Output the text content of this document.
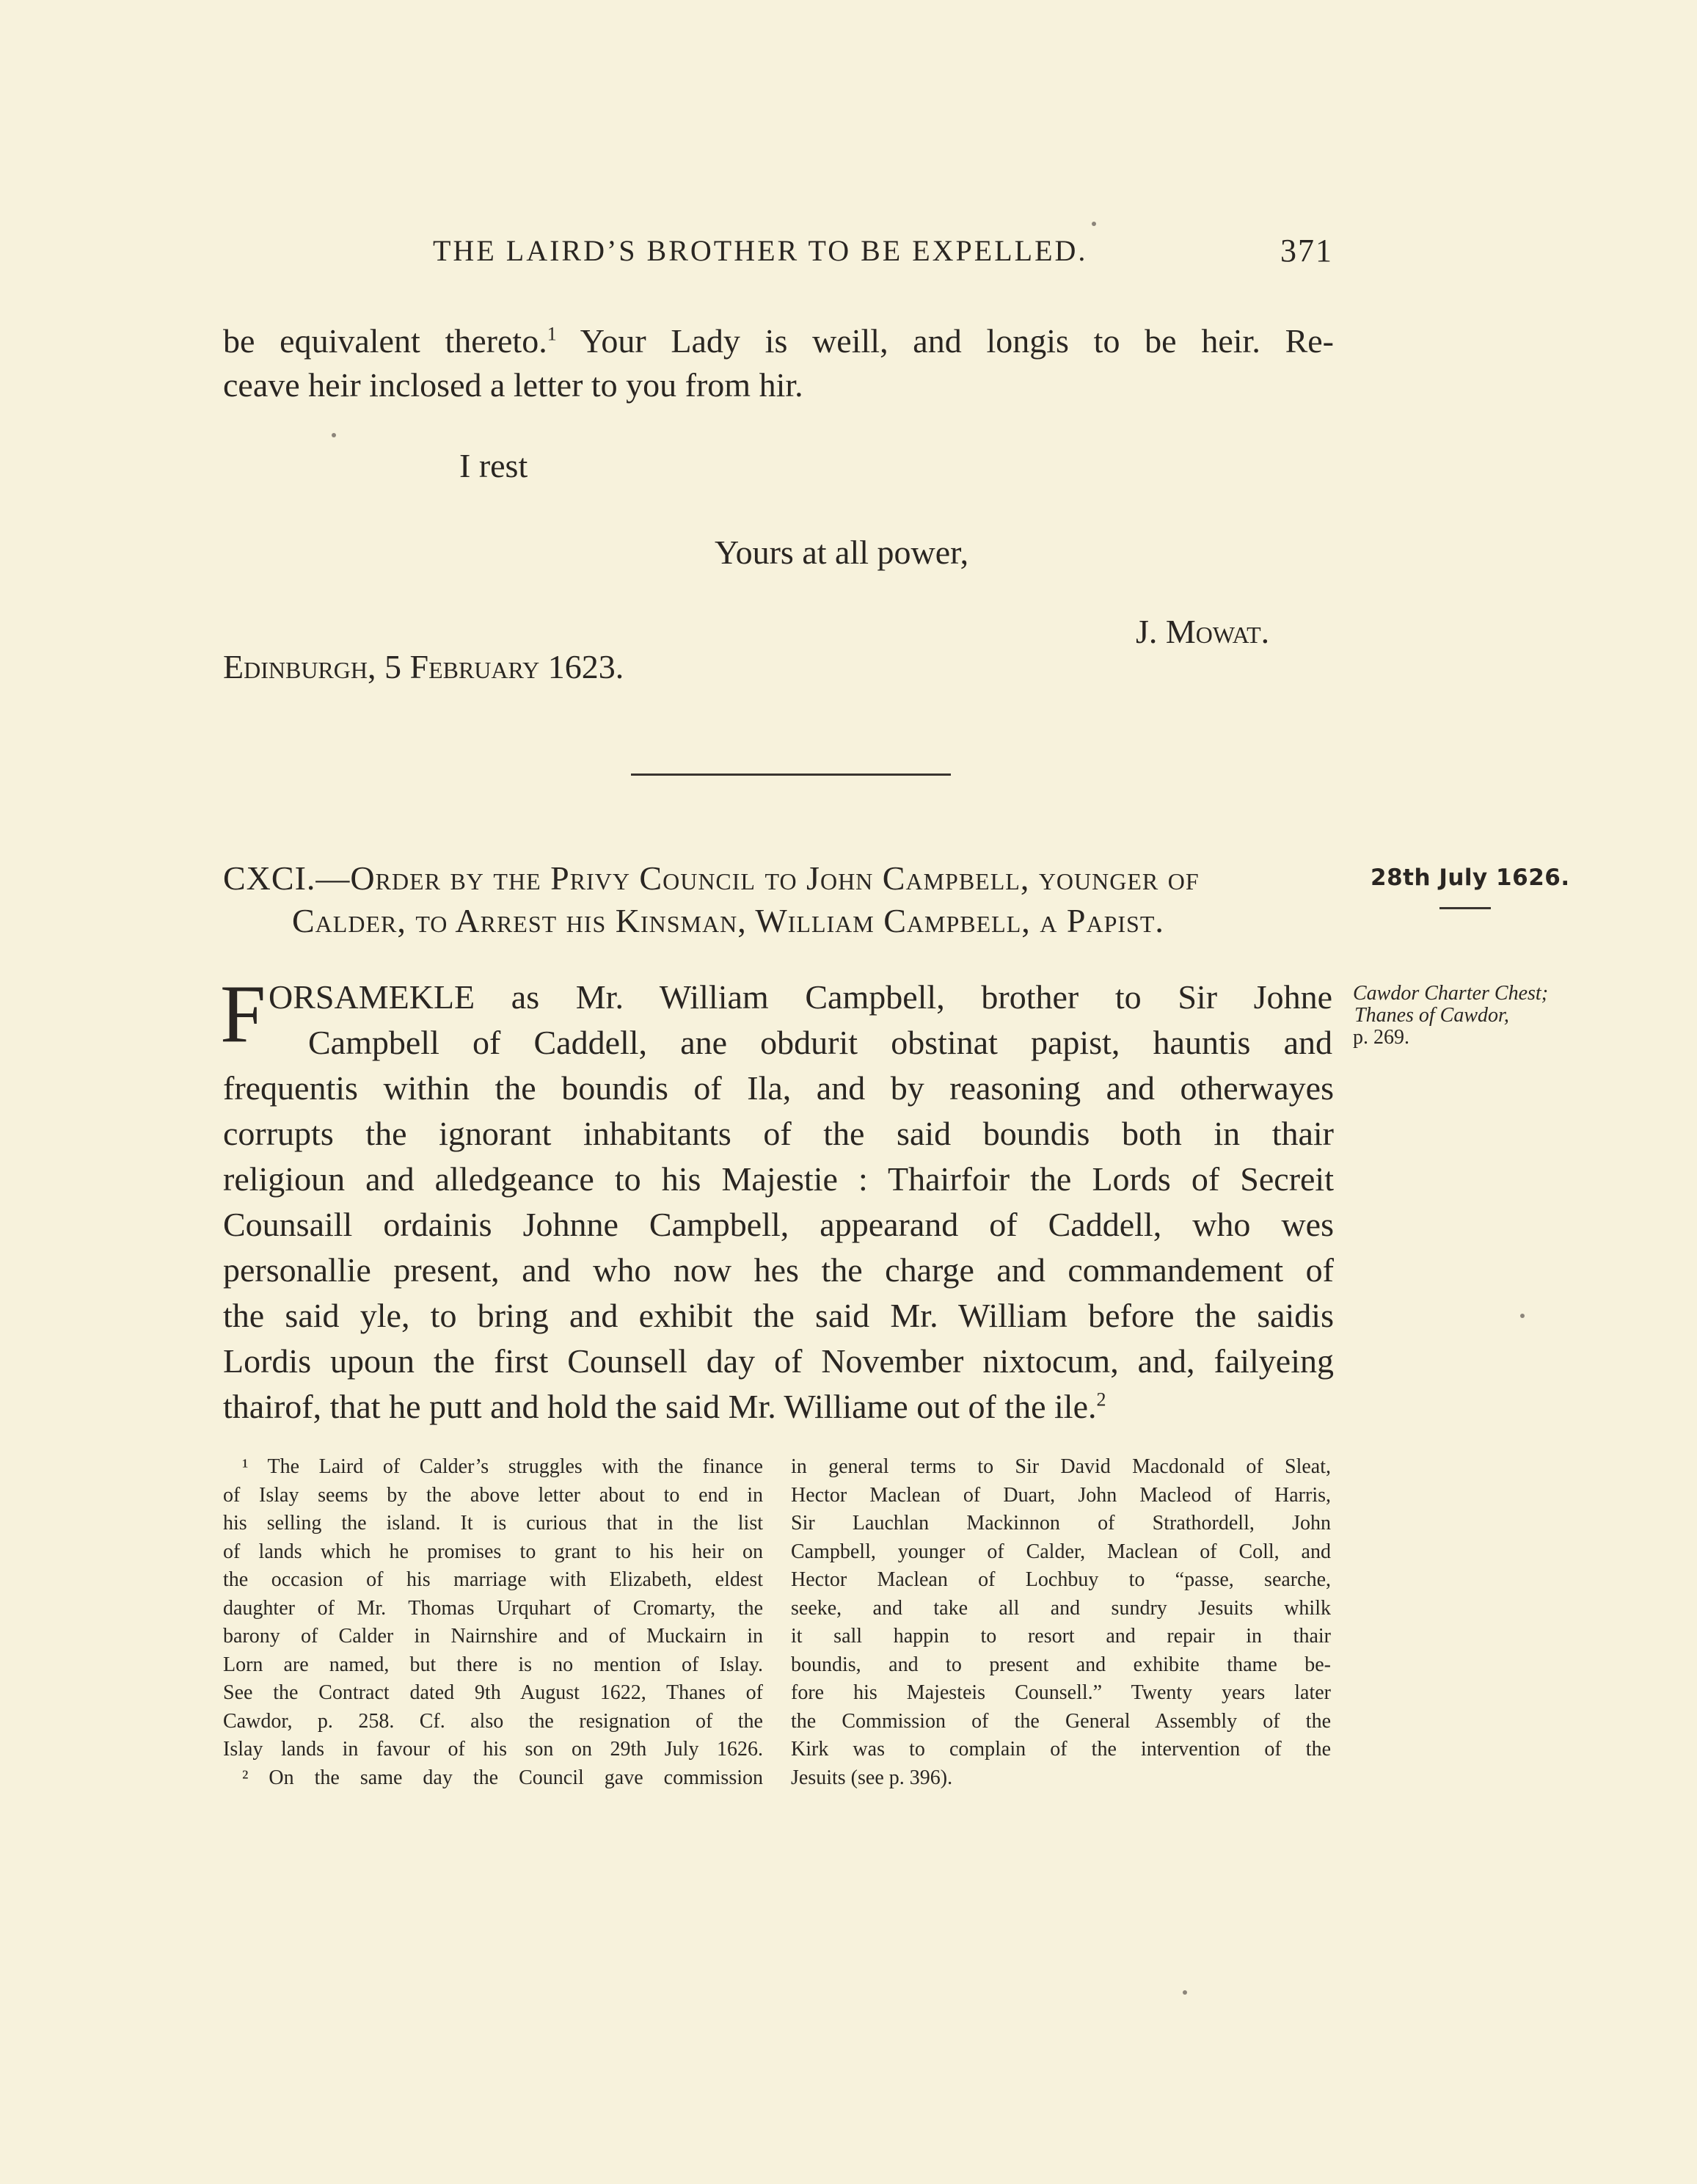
THE LAIRD’S BROTHER TO BE EXPELLED.	371
be equivalent thereto.$^1$ Your Lady is weill, and longis to be heir. Re-
ceave heir inclosed a letter to you from hir.
I rest
Yours at all power,
J. Mowat.
Edinburgh, 5 February 1623.
CXCI.—Order by the Privy Council to John Campbell, younger of
Calder, to Arrest his Kinsman, William Campbell, a Papist.
28th July 1626.
Cawdor Charter Chest;
Thanes of Cawdor,
p. 269.
F ORSAMEKLE as Mr. William Campbell, brother to Sir Johne
Campbell of Caddell, ane obdurit obstinat papist, hauntis and
frequentis within the boundis of Ila, and by reasoning and otherwayes
corrupts the ignorant inhabitants of the said boundis both in thair
religioun and alledgeance to his Majestie : Thairfoir the Lords of Secreit
Counsaill ordainis Johnne Campbell, appearand of Caddell, who wes
personallie present, and who now hes the charge and commandement of
the said yle, to bring and exhibit the said Mr. William before the saidis
Lordis upoun the first Counsell day of November nixtocum, and, failyeing
thairof, that he putt and hold the said Mr. Williame out of the ile.$^2$
¹ The Laird of Calder’s struggles with the finance
of Islay seems by the above letter about to end in
his selling the island. It is curious that in the list
of lands which he promises to grant to his heir on
the occasion of his marriage with Elizabeth, eldest
daughter of Mr. Thomas Urquhart of Cromarty, the
barony of Calder in Nairnshire and of Muckairn in
Lorn are named, but there is no mention of Islay.
See the Contract dated 9th August 1622, Thanes of
Cawdor, p. 258. Cf. also the resignation of the
Islay lands in favour of his son on 29th July 1626.
² On the same day the Council gave commission
in general terms to Sir David Macdonald of Sleat,
Hector Maclean of Duart, John Macleod of Harris,
Sir Lauchlan Mackinnon of Strathordell, John
Campbell, younger of Calder, Maclean of Coll, and
Hector Maclean of Lochbuy to “passe, searche,
seeke, and take all and sundry Jesuits whilk
it sall happin to resort and repair in thair
boundis, and to present and exhibite thame be-
fore his Majesteis Counsell.” Twenty years later
the Commission of the General Assembly of the
Kirk was to complain of the intervention of the
Jesuits (see p. 396).
